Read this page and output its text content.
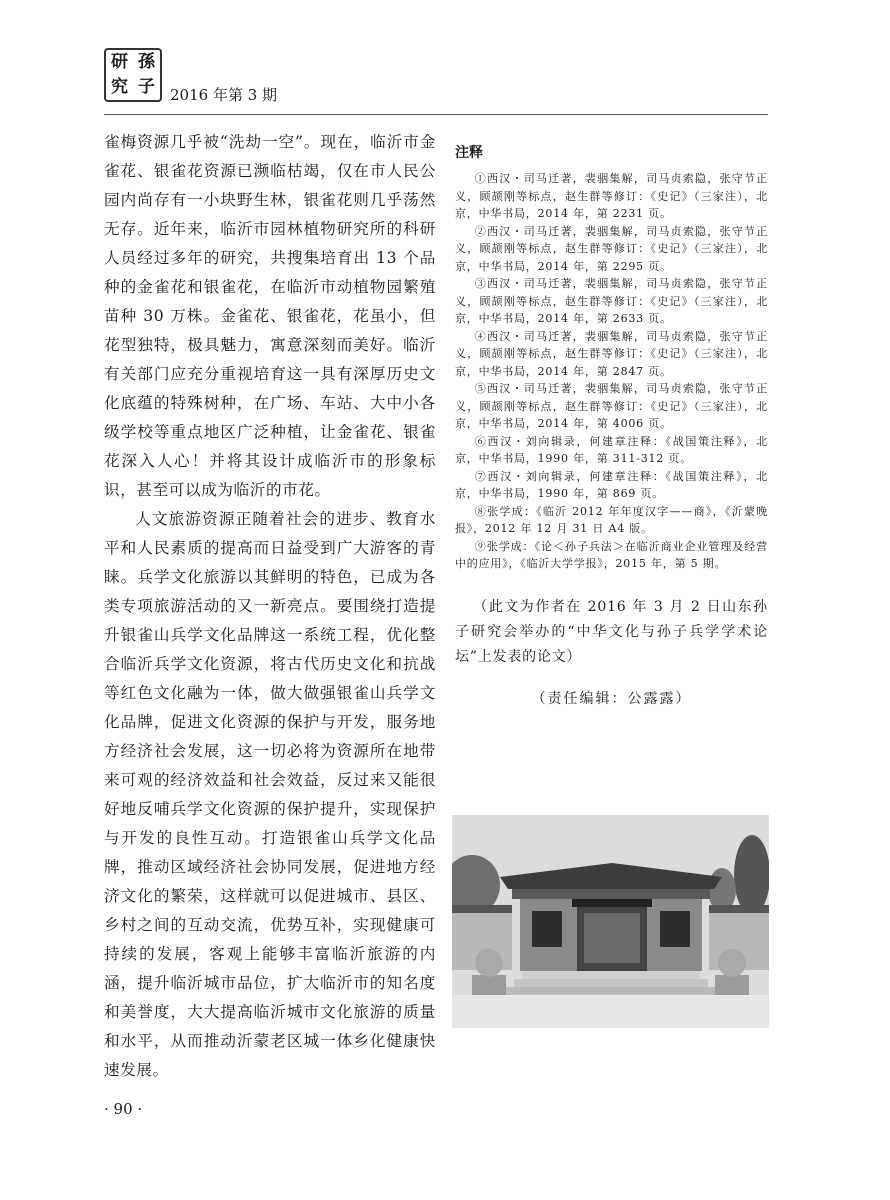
研 孫
究 子	2016 年第 3 期

雀梅资源几乎被“洗劫一空”。现在，临沂市金雀花、银雀花资源已濒临枯竭，仅在市人民公园内尚存有一小块野生林，银雀花则几乎荡然无存。近年来，临沂市园林植物研究所的科研人员经过多年的研究，共搜集培育出 13 个品种的金雀花和银雀花，在临沂市动植物园繁殖苗种 30 万株。金雀花、银雀花，花虽小，但花型独特，极具魅力，寓意深刻而美好。临沂有关部门应充分重视培育这一具有深厚历史文化底蕴的特殊树种，在广场、车站、大中小各级学校等重点地区广泛种植，让金雀花、银雀花深入人心！并将其设计成临沂市的形象标识，甚至可以成为临沂的市花。

人文旅游资源正随着社会的进步、教育水平和人民素质的提高而日益受到广大游客的青睐。兵学文化旅游以其鲜明的特色，已成为各类专项旅游活动的又一新亮点。要围绕打造提升银雀山兵学文化品牌这一系统工程，优化整合临沂兵学文化资源，将古代历史文化和抗战等红色文化融为一体，做大做强银雀山兵学文化品牌，促进文化资源的保护与开发，服务地方经济社会发展，这一切必将为资源所在地带来可观的经济效益和社会效益，反过来又能很好地反哺兵学文化资源的保护提升，实现保护与开发的良性互动。打造银雀山兵学文化品牌，推动区域经济社会协同发展，促进地方经济文化的繁荣，这样就可以促进城市、县区、乡村之间的互动交流，优势互补，实现健康可持续的发展，客观上能够丰富临沂旅游的内涵，提升临沂城市品位，扩大临沂市的知名度和美誉度，大大提高临沂城市文化旅游的质量和水平，从而推动沂蒙老区城一体乡化健康快速发展。

注释

①西汉・司马迁著，裴骃集解，司马贞索隐，张守节正义，顾颉刚等标点，赵生群等修订：《史记》（三家注），北京，中华书局，2014 年，第 2231 页。

②西汉・司马迁著，裴骃集解，司马贞索隐，张守节正义，顾颉刚等标点，赵生群等修订：《史记》（三家注），北京，中华书局，2014 年，第 2295 页。

③西汉・司马迁著，裴骃集解，司马贞索隐，张守节正义，顾颉刚等标点，赵生群等修订：《史记》（三家注），北京，中华书局，2014 年，第 2633 页。

④西汉・司马迁著，裴骃集解，司马贞索隐，张守节正义，顾颉刚等标点，赵生群等修订：《史记》（三家注），北京，中华书局，2014 年，第 2847 页。

⑤西汉・司马迁著，裴骃集解，司马贞索隐，张守节正义，顾颉刚等标点，赵生群等修订：《史记》（三家注），北京，中华书局，2014 年，第 4006 页。

⑥西汉・刘向辑录，何建章注释：《战国策注释》，北京，中华书局，1990 年，第 311-312 页。

⑦西汉・刘向辑录，何建章注释：《战国策注释》，北京，中华书局，1990 年，第 869 页。

⑧张学成：《临沂 2012 年年度汉字——商》，《沂蒙晚报》，2012 年 12 月 31 日 A4 版。

⑨张学成：《论＜孙子兵法＞在临沂商业企业管理及经营中的应用》，《临沂大学学报》，2015 年，第 5 期。

（此文为作者在 2016 年 3 月 2 日山东孙子研究会举办的“中华文化与孙子兵学学术论坛”上发表的论文）
（责任编辑：公露露）
· 90 ·
